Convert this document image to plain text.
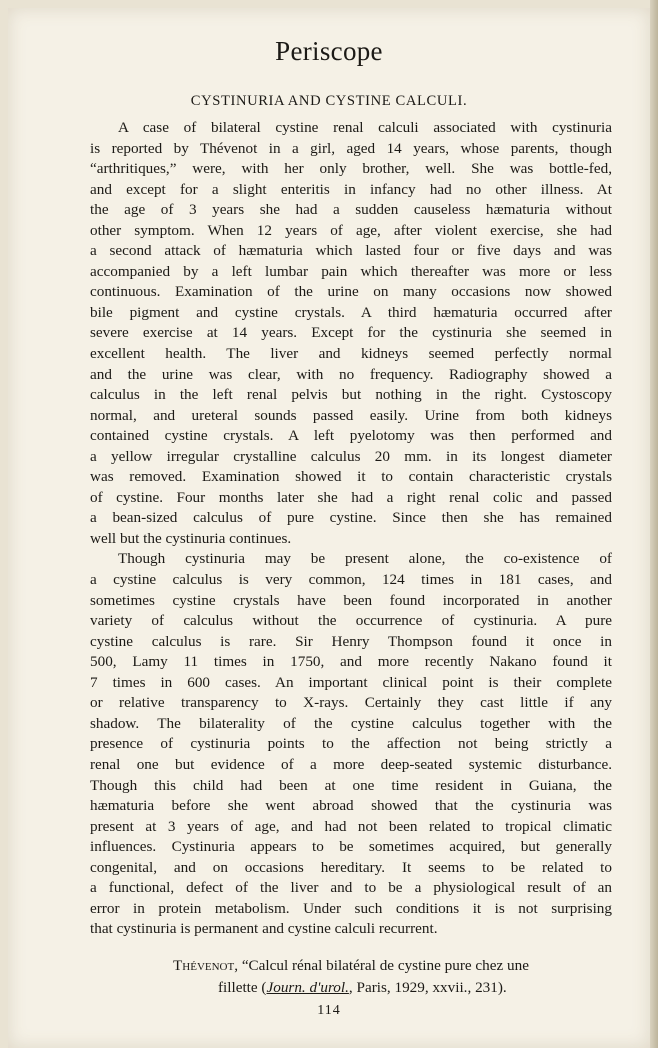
Periscope
CYSTINURIA AND CYSTINE CALCULI.
A case of bilateral cystine renal calculi associated with cystinuria
is reported by Thévenot in a girl, aged 14 years, whose parents, though
“arthritiques,” were, with her only brother, well. She was bottle-fed,
and except for a slight enteritis in infancy had no other illness. At
the age of 3 years she had a sudden causeless hæmaturia without
other symptom. When 12 years of age, after violent exercise, she had
a second attack of hæmaturia which lasted four or five days and was
accompanied by a left lumbar pain which thereafter was more or less
continuous. Examination of the urine on many occasions now showed
bile pigment and cystine crystals. A third hæmaturia occurred after
severe exercise at 14 years. Except for the cystinuria she seemed in
excellent health. The liver and kidneys seemed perfectly normal
and the urine was clear, with no frequency. Radiography showed a
calculus in the left renal pelvis but nothing in the right. Cystoscopy
normal, and ureteral sounds passed easily. Urine from both kidneys
contained cystine crystals. A left pyelotomy was then performed and
a yellow irregular crystalline calculus 20 mm. in its longest diameter
was removed. Examination showed it to contain characteristic crystals
of cystine. Four months later she had a right renal colic and passed
a bean-sized calculus of pure cystine. Since then she has remained
well but the cystinuria continues.
Though cystinuria may be present alone, the co-existence of
a cystine calculus is very common, 124 times in 181 cases, and
sometimes cystine crystals have been found incorporated in another
variety of calculus without the occurrence of cystinuria. A pure
cystine calculus is rare. Sir Henry Thompson found it once in
500, Lamy 11 times in 1750, and more recently Nakano found it
7 times in 600 cases. An important clinical point is their complete
or relative transparency to X-rays. Certainly they cast little if any
shadow. The bilaterality of the cystine calculus together with the
presence of cystinuria points to the affection not being strictly a
renal one but evidence of a more deep-seated systemic disturbance.
Though this child had been at one time resident in Guiana, the
hæmaturia before she went abroad showed that the cystinuria was
present at 3 years of age, and had not been related to tropical climatic
influences. Cystinuria appears to be sometimes acquired, but generally
congenital, and on occasions hereditary. It seems to be related to
a functional, defect of the liver and to be a physiological result of an
error in protein metabolism. Under such conditions it is not surprising
that cystinuria is permanent and cystine calculi recurrent.
Thévenot, “Calcul rénal bilatéral de cystine pure chez une
fillette (Journ. d'urol., Paris, 1929, xxvii., 231).
114
